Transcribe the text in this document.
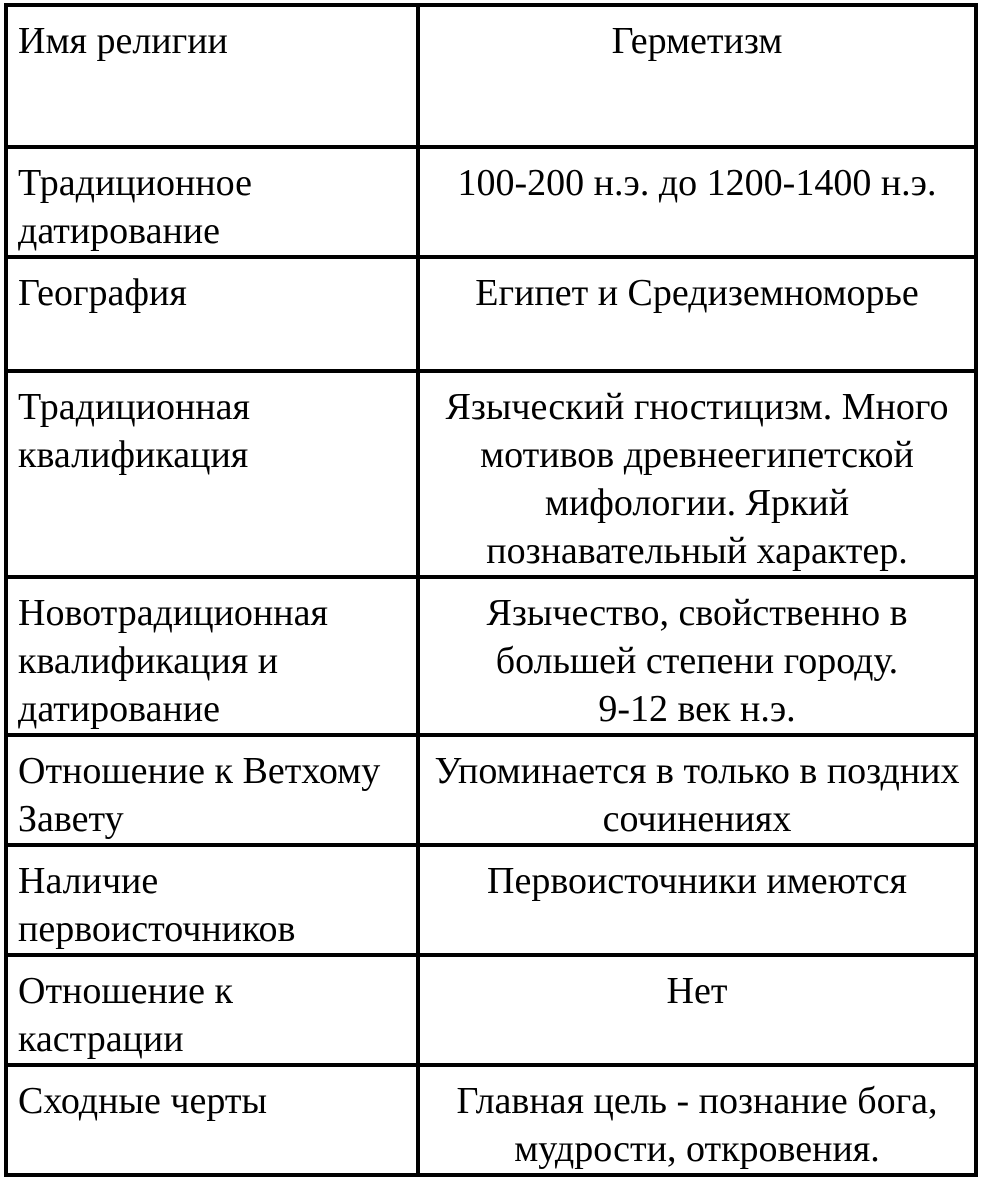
Имя религии	Герметизм
Традиционное датирование	100-200 н.э. до 1200-1400 н.э.
География	Египет и Средиземноморье
Традиционная квалификация	Языческий гностицизм. Много мотивов древнеегипетской мифологии. Яркий познавательный характер.
Новотрадиционная квалификация и датирование	Язычество, свойственно в большей степени городу.
9-12 век н.э.
Отношение к Ветхому Завету	Упоминается в только в поздних сочинениях
Наличие первоисточников	Первоисточники имеются
Отношение к кастрации	Нет
Сходные черты	Главная цель - познание бога, мудрости, откровения.
